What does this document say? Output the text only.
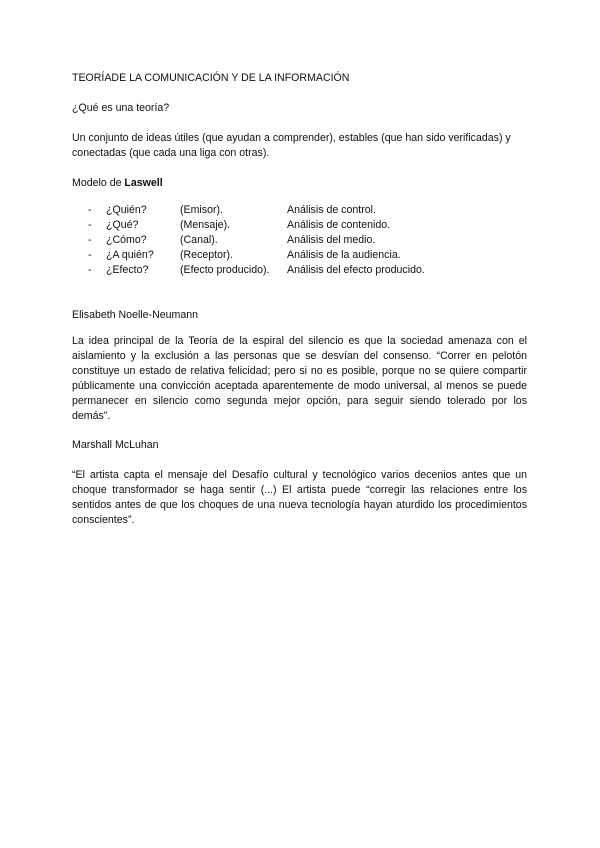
TEORÍADE LA COMUNICACIÓN Y DE LA INFORMACIÓN

¿Qué es una teoría?

Un conjunto de ideas útiles (que ayudan a comprender), estables (que han sido verificadas) y conectadas (que cada una liga con otras).

Modelo de Laswell

-	¿Quién?	(Emisor).	Análisis de control.
-	¿Qué?	(Mensaje).	Análisis de contenido.
-	¿Cómo?	(Canal).	Análisis del medio.
-	¿A quién?	(Receptor).	Análisis de la audiencia.
-	¿Efecto?	(Efecto producido).	Análisis del efecto producido.

Elisabeth Noelle-Neumann

La idea principal de la Teoría de la espiral del silencio es que la sociedad amenaza con el aislamiento y la exclusión a las personas que se desvían del consenso. “Correr en pelotón constituye un estado de relativa felicidad; pero si no es posible, porque no se quiere compartir públicamente una convicción aceptada aparentemente de modo universal, al menos se puede permanecer en silencio como segunda mejor opción, para seguir siendo tolerado por los demás”.

Marshall McLuhan

“El artista capta el mensaje del Desafío cultural y tecnológico varios decenios antes que un choque transformador se haga sentir (...) El artista puede “corregir las relaciones entre los sentidos antes de que los choques de una nueva tecnología hayan aturdido los procedimientos conscientes”.
